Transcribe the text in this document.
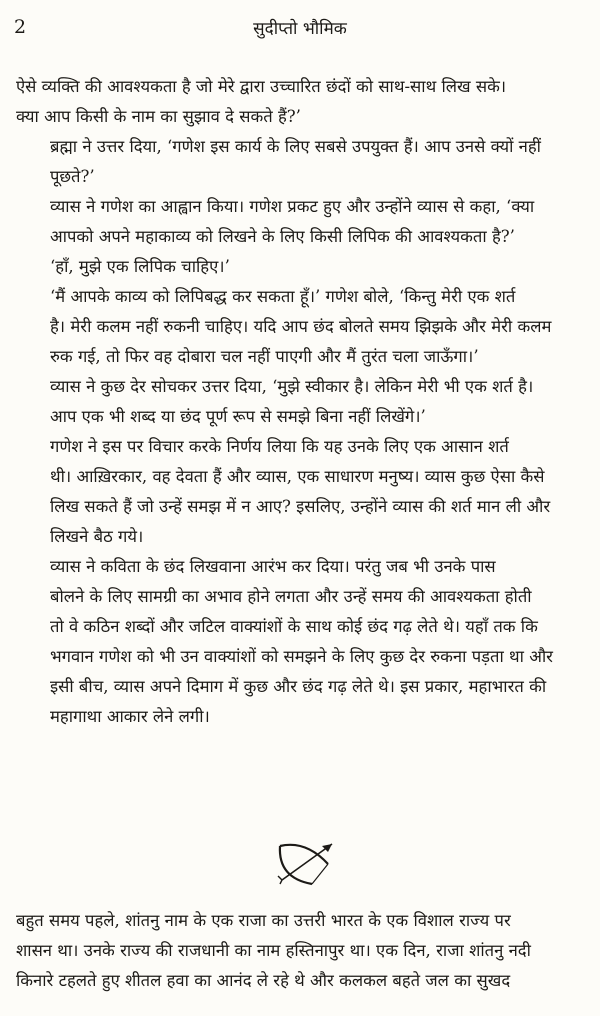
2	सुदीप्तो भौमिक

ऐसे व्यक्ति की आवश्यकता है जो मेरे द्वारा उच्चारित छंदों को साथ-साथ लिख सके।
क्या आप किसी के नाम का सुझाव दे सकते हैं?’

ब्रह्मा ने उत्तर दिया, ‘गणेश इस कार्य के लिए सबसे उपयुक्त हैं। आप उनसे क्यों नहीं
पूछते?’

व्यास ने गणेश का आह्वान किया। गणेश प्रकट हुए और उन्होंने व्यास से कहा, ‘क्या
आपको अपने महाकाव्य को लिखने के लिए किसी लिपिक की आवश्यकता है?’

‘हाँ, मुझे एक लिपिक चाहिए।’

‘मैं आपके काव्य को लिपिबद्ध कर सकता हूँ।’ गणेश बोले, ‘किन्तु मेरी एक शर्त
है। मेरी कलम नहीं रुकनी चाहिए। यदि आप छंद बोलते समय झिझके और मेरी कलम
रुक गई, तो फिर वह दोबारा चल नहीं पाएगी और मैं तुरंत चला जाऊँगा।’

व्यास ने कुछ देर सोचकर उत्तर दिया, ‘मुझे स्वीकार है। लेकिन मेरी भी एक शर्त है।
आप एक भी शब्द या छंद पूर्ण रूप से समझे बिना नहीं लिखेंगे।’

गणेश ने इस पर विचार करके निर्णय लिया कि यह उनके लिए एक आसान शर्त
थी। आख़िरकार, वह देवता हैं और व्यास, एक साधारण मनुष्य। व्यास कुछ ऐसा कैसे
लिख सकते हैं जो उन्हें समझ में न आए? इसलिए, उन्होंने व्यास की शर्त मान ली और
लिखने बैठ गये।

व्यास ने कविता के छंद लिखवाना आरंभ कर दिया। परंतु जब भी उनके पास
बोलने के लिए सामग्री का अभाव होने लगता और उन्हें समय की आवश्यकता होती
तो वे कठिन शब्दों और जटिल वाक्यांशों के साथ कोई छंद गढ़ लेते थे। यहाँ तक कि
भगवान गणेश को भी उन वाक्यांशों को समझने के लिए कुछ देर रुकना पड़ता था और
इसी बीच, व्यास अपने दिमाग में कुछ और छंद गढ़ लेते थे। इस प्रकार, महाभारत की
महागाथा आकार लेने लगी।

बहुत समय पहले, शांतनु नाम के एक राजा का उत्तरी भारत के एक विशाल राज्य पर
शासन था। उनके राज्य की राजधानी का नाम हस्तिनापुर था। एक दिन, राजा शांतनु नदी
किनारे टहलते हुए शीतल हवा का आनंद ले रहे थे और कलकल बहते जल का सुखद
